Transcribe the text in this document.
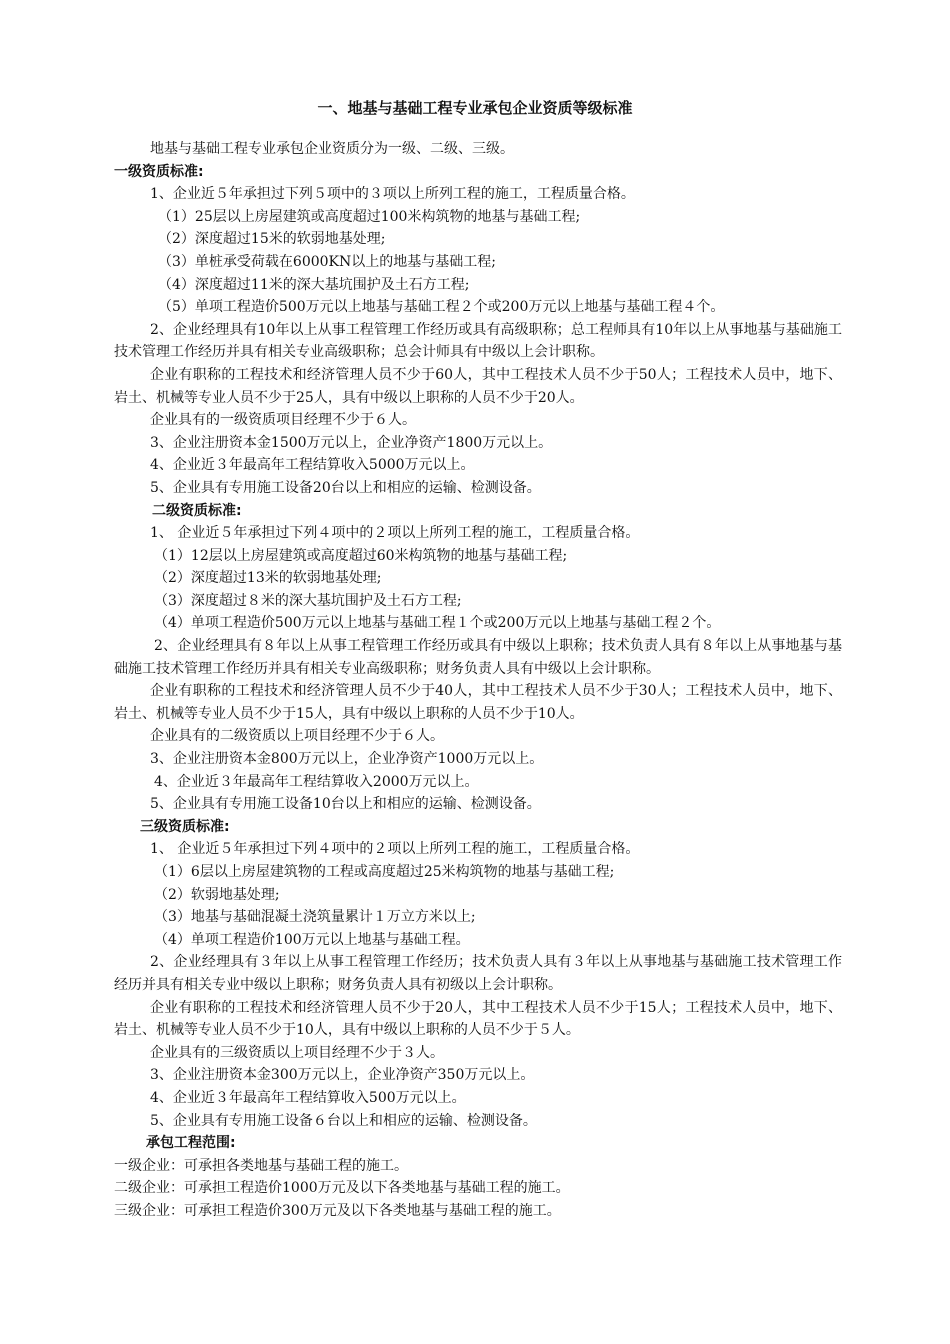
一、地基与基础工程专业承包企业资质等级标准

地基与基础工程专业承包企业资质分为一级、二级、三级。

一级资质标准:

1、企业近５年承担过下列５项中的３项以上所列工程的施工，工程质量合格。

（1）25层以上房屋建筑或高度超过100米构筑物的地基与基础工程;

（2）深度超过15米的软弱地基处理;

（3）单桩承受荷载在6000KN以上的地基与基础工程;

（4）深度超过11米的深大基坑围护及土石方工程;

（5）单项工程造价500万元以上地基与基础工程２个或200万元以上地基与基础工程４个。

2、企业经理具有10年以上从事工程管理工作经历或具有高级职称；总工程师具有10年以上从事地基与基础施工技术管理工作经历并具有相关专业高级职称；总会计师具有中级以上会计职称。

企业有职称的工程技术和经济管理人员不少于60人，其中工程技术人员不少于50人；工程技术人员中，地下、岩土、机械等专业人员不少于25人，具有中级以上职称的人员不少于20人。

企业具有的一级资质项目经理不少于６人。

3、企业注册资本金1500万元以上，企业净资产1800万元以上。

4、企业近３年最高年工程结算收入5000万元以上。

5、企业具有专用施工设备20台以上和相应的运输、检测设备。

二级资质标准:

1、 企业近５年承担过下列４项中的２项以上所列工程的施工，工程质量合格。

（1）12层以上房屋建筑或高度超过60米构筑物的地基与基础工程;

（2）深度超过13米的软弱地基处理;

（3）深度超过８米的深大基坑围护及土石方工程;

（4）单项工程造价500万元以上地基与基础工程１个或200万元以上地基与基础工程２个。

2、企业经理具有８年以上从事工程管理工作经历或具有中级以上职称；技术负责人具有８年以上从事地基与基础施工技术管理工作经历并具有相关专业高级职称；财务负责人具有中级以上会计职称。

企业有职称的工程技术和经济管理人员不少于40人，其中工程技术人员不少于30人；工程技术人员中，地下、岩土、机械等专业人员不少于15人，具有中级以上职称的人员不少于10人。

企业具有的二级资质以上项目经理不少于６人。

3、企业注册资本金800万元以上，企业净资产1000万元以上。

4、企业近３年最高年工程结算收入2000万元以上。

5、企业具有专用施工设备10台以上和相应的运输、检测设备。

三级资质标准:

1、 企业近５年承担过下列４项中的２项以上所列工程的施工，工程质量合格。

（1）6层以上房屋建筑物的工程或高度超过25米构筑物的地基与基础工程;

（2）软弱地基处理;

（3）地基与基础混凝土浇筑量累计１万立方米以上;

（4）单项工程造价100万元以上地基与基础工程。

2、企业经理具有３年以上从事工程管理工作经历；技术负责人具有３年以上从事地基与基础施工技术管理工作经历并具有相关专业中级以上职称；财务负责人具有初级以上会计职称。

企业有职称的工程技术和经济管理人员不少于20人，其中工程技术人员不少于15人；工程技术人员中，地下、岩土、机械等专业人员不少于10人，具有中级以上职称的人员不少于５人。

企业具有的三级资质以上项目经理不少于３人。

3、企业注册资本金300万元以上，企业净资产350万元以上。

4、企业近３年最高年工程结算收入500万元以上。

5、企业具有专用施工设备６台以上和相应的运输、检测设备。

承包工程范围:

一级企业：可承担各类地基与基础工程的施工。

二级企业：可承担工程造价1000万元及以下各类地基与基础工程的施工。

三级企业：可承担工程造价300万元及以下各类地基与基础工程的施工。
